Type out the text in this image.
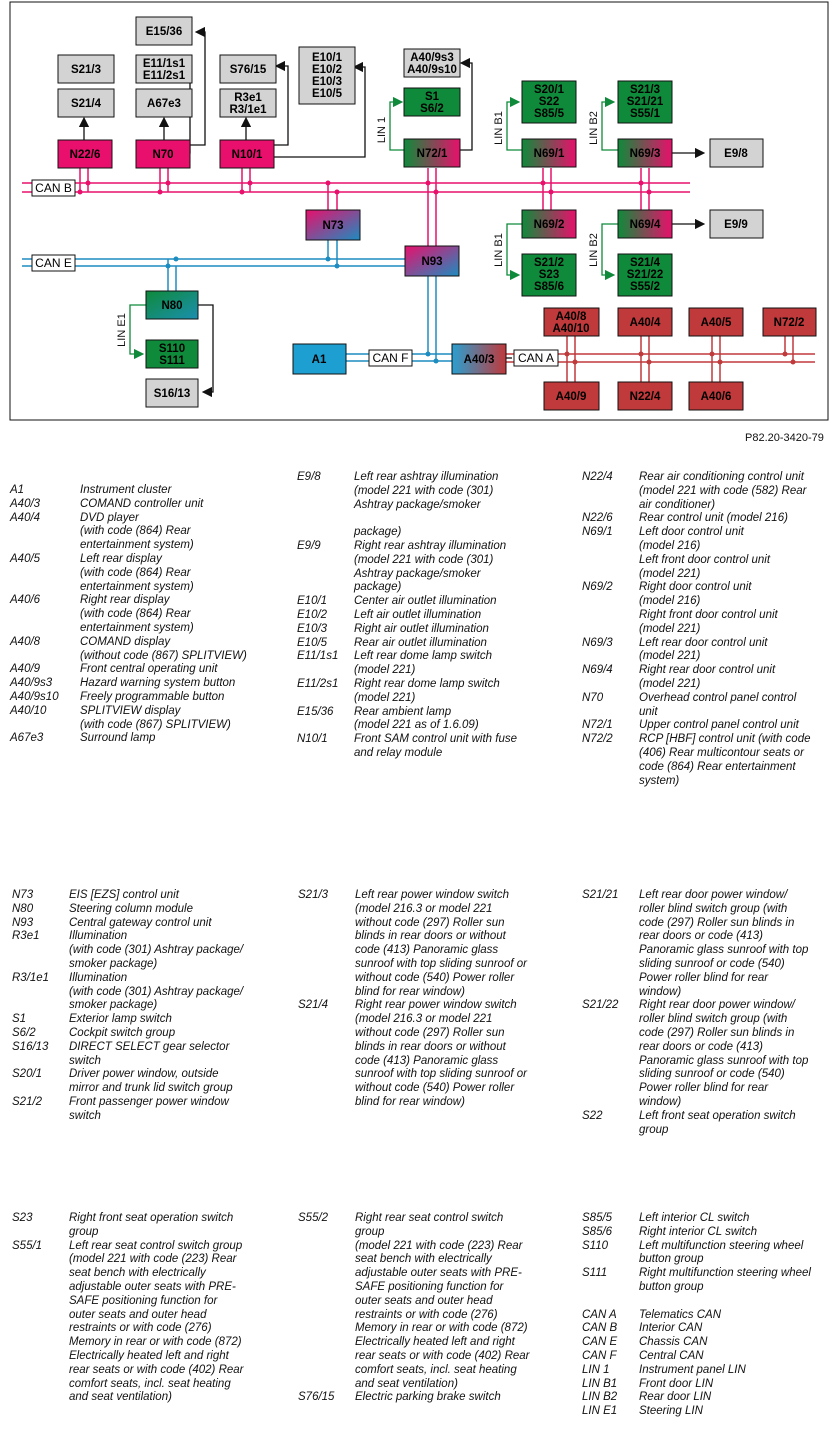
CAN B
CAN E
CAN F	CAN A
LIN 1	LIN B1	LIN B2
LIN B1	LIN B2
LIN E1
E15/36
S21/3	E11/1s1
E11/2s1	S76/15
E10/1
E10/2
E10/3
E10/5
A40/9s3
A40/9s10
S21/4	A67e3	R3e1
R3/1e1
E9/8
E9/9
S16/13
S1
S6/2
S20/1
S22
S85/5
S21/3
S21/21
S55/1
S21/2
S23
S85/6
S21/4
S21/22
S55/2
S110
S111
N22/6	N70	N10/1	N72/1	N69/1	N69/3
N69/2	N69/4
N73
N93
N80
A1	A40/3
A40/8
A40/10	A40/4	A40/5	N72/2
A40/9	N22/4	A40/6
P82.20-3420-79
A1	Instrument cluster
A40/3	COMAND controller unit
A40/4	DVD player
(with code (864) Rear
entertainment system)
A40/5	Left rear display
(with code (864) Rear
entertainment system)
A40/6	Right rear display
(with code (864) Rear
entertainment system)
A40/8	COMAND display
(without code (867) SPLITVIEW)
A40/9	Front central operating unit
A40/9s3	Hazard warning system button
A40/9s10	Freely programmable button
A40/10	SPLITVIEW display
(with code (867) SPLITVIEW)
A67e3	Surround lamp
E9/8	Left rear ashtray illumination
(model 221 with code (301)
Ashtray package/smoker

package)
E9/9	Right rear ashtray illumination
(model 221 with code (301)
Ashtray package/smoker
package)
E10/1	Center air outlet illumination
E10/2	Left air outlet illumination
E10/3	Right air outlet illumination
E10/5	Rear air outlet illumination
E11/1s1	Left rear dome lamp switch
(model 221)
E11/2s1	Right rear dome lamp switch
(model 221)
E15/36	Rear ambient lamp
(model 221 as of 1.6.09)
N10/1	Front SAM control unit with fuse
and relay module
N22/4	Rear air conditioning control unit
(model 221 with code (582) Rear
air conditioner)
N22/6	Rear control unit (model 216)
N69/1	Left door control unit
(model 216)
Left front door control unit
(model 221)
N69/2	Right door control unit
(model 216)
Right front door control unit
(model 221)
N69/3	Left rear door control unit
(model 221)
N69/4	Right rear door control unit
(model 221)
N70	Overhead control panel control
unit
N72/1	Upper control panel control unit
N72/2	RCP [HBF] control unit (with code
(406) Rear multicontour seats or
code (864) Rear entertainment
system)
N73	EIS [EZS] control unit
N80	Steering column module
N93	Central gateway control unit
R3e1	Illumination
(with code (301) Ashtray package/
smoker package)
R3/1e1	Illumination
(with code (301) Ashtray package/
smoker package)
S1	Exterior lamp switch
S6/2	Cockpit switch group
S16/13	DIRECT SELECT gear selector
switch
S20/1	Driver power window, outside
mirror and trunk lid switch group
S21/2	Front passenger power window
switch
S21/3	Left rear power window switch
(model 216.3 or model 221
without code (297) Roller sun
blinds in rear doors or without
code (413) Panoramic glass
sunroof with top sliding sunroof or
without code (540) Power roller
blind for rear window)
S21/4	Right rear power window switch
(model 216.3 or model 221
without code (297) Roller sun
blinds in rear doors or without
code (413) Panoramic glass
sunroof with top sliding sunroof or
without code (540) Power roller
blind for rear window)
S21/21	Left rear door power window/
roller blind switch group (with
code (297) Roller sun blinds in
rear doors or code (413)
Panoramic glass sunroof with top
sliding sunroof or code (540)
Power roller blind for rear
window)
S21/22	Right rear door power window/
roller blind switch group (with
code (297) Roller sun blinds in
rear doors or code (413)
Panoramic glass sunroof with top
sliding sunroof or code (540)
Power roller blind for rear
window)
S22	Left front seat operation switch
group
S23	Right front seat operation switch
group
S55/1	Left rear seat control switch group
(model 221 with code (223) Rear
seat bench with electrically
adjustable outer seats with PRE-
SAFE positioning function for
outer seats and outer head
restraints or with code (276)
Memory in rear or with code (872)
Electrically heated left and right
rear seats or with code (402) Rear
comfort seats, incl. seat heating
and seat ventilation)
S55/2	Right rear seat control switch
group
(model 221 with code (223) Rear
seat bench with electrically
adjustable outer seats with PRE-
SAFE positioning function for
outer seats and outer head
restraints or with code (276)
Memory in rear or with code (872)
Electrically heated left and right
rear seats or with code (402) Rear
comfort seats, incl. seat heating
and seat ventilation)
S76/15	Electric parking brake switch
S85/5	Left interior CL switch
S85/6	Right interior CL switch
S110	Left multifunction steering wheel
button group
S111	Right multifunction steering wheel
button group

CAN A	Telematics CAN
CAN B	Interior CAN
CAN E	Chassis CAN
CAN F	Central CAN
LIN 1	Instrument panel LIN
LIN B1	Front door LIN
LIN B2	Rear door LIN
LIN E1	Steering LIN
